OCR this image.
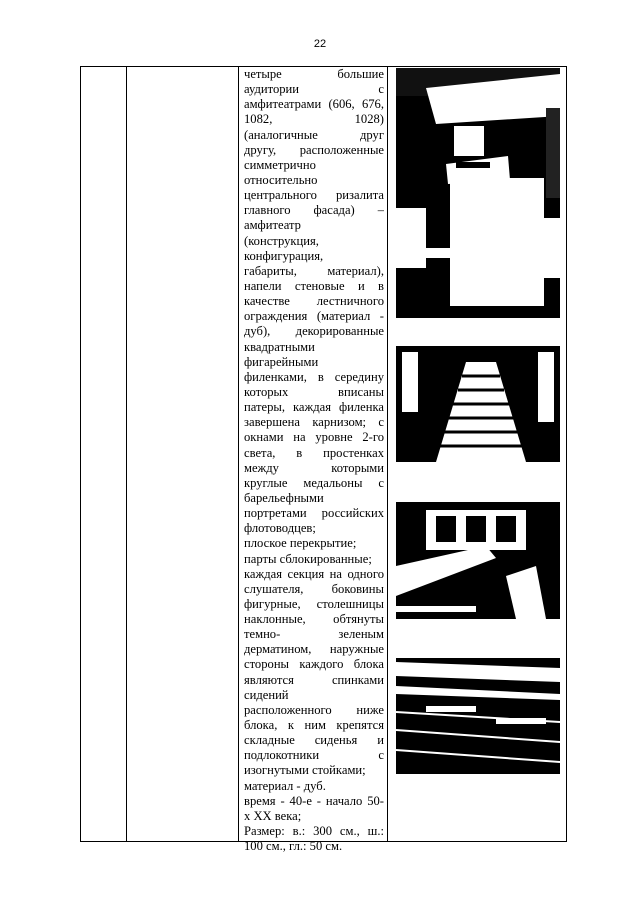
22
четыре большие
аудитории с
амфитеатрами (606, 676,
1082, 1028)
(аналогичные друг
другу, расположенные
симметрично
относительно
центрального ризалита
главного фасада) –
амфитеатр
(конструкция,
конфигурация,
габариты, материал),
напели стеновые и в
качестве лестничного
ограждения (материал -
дуб), декорированные
квадратными
фигарейными
филенками, в середину
которых вписаны
патеры, каждая филенка
завершена карнизом; с
окнами на уровне 2-го
света, в простенках
между которыми
круглые медальоны с
барельефными
портретами российских
флотоводцев;
плоское перекрытие;
парты сблокированные;
каждая секция на одного
слушателя, боковины
фигурные, столешницы
наклонные, обтянуты
темно- зеленым
дерматином, наружные
стороны каждого блока
являются спинками
сидений
расположенного ниже
блока, к ним крепятся
складные сиденья и
подлокотники с
изогнутыми стойками;
материал - дуб.
время - 40-е - начало 50-
х XX века;
Размер: в.: 300 см., ш.:
100 см., гл.: 50 см.
